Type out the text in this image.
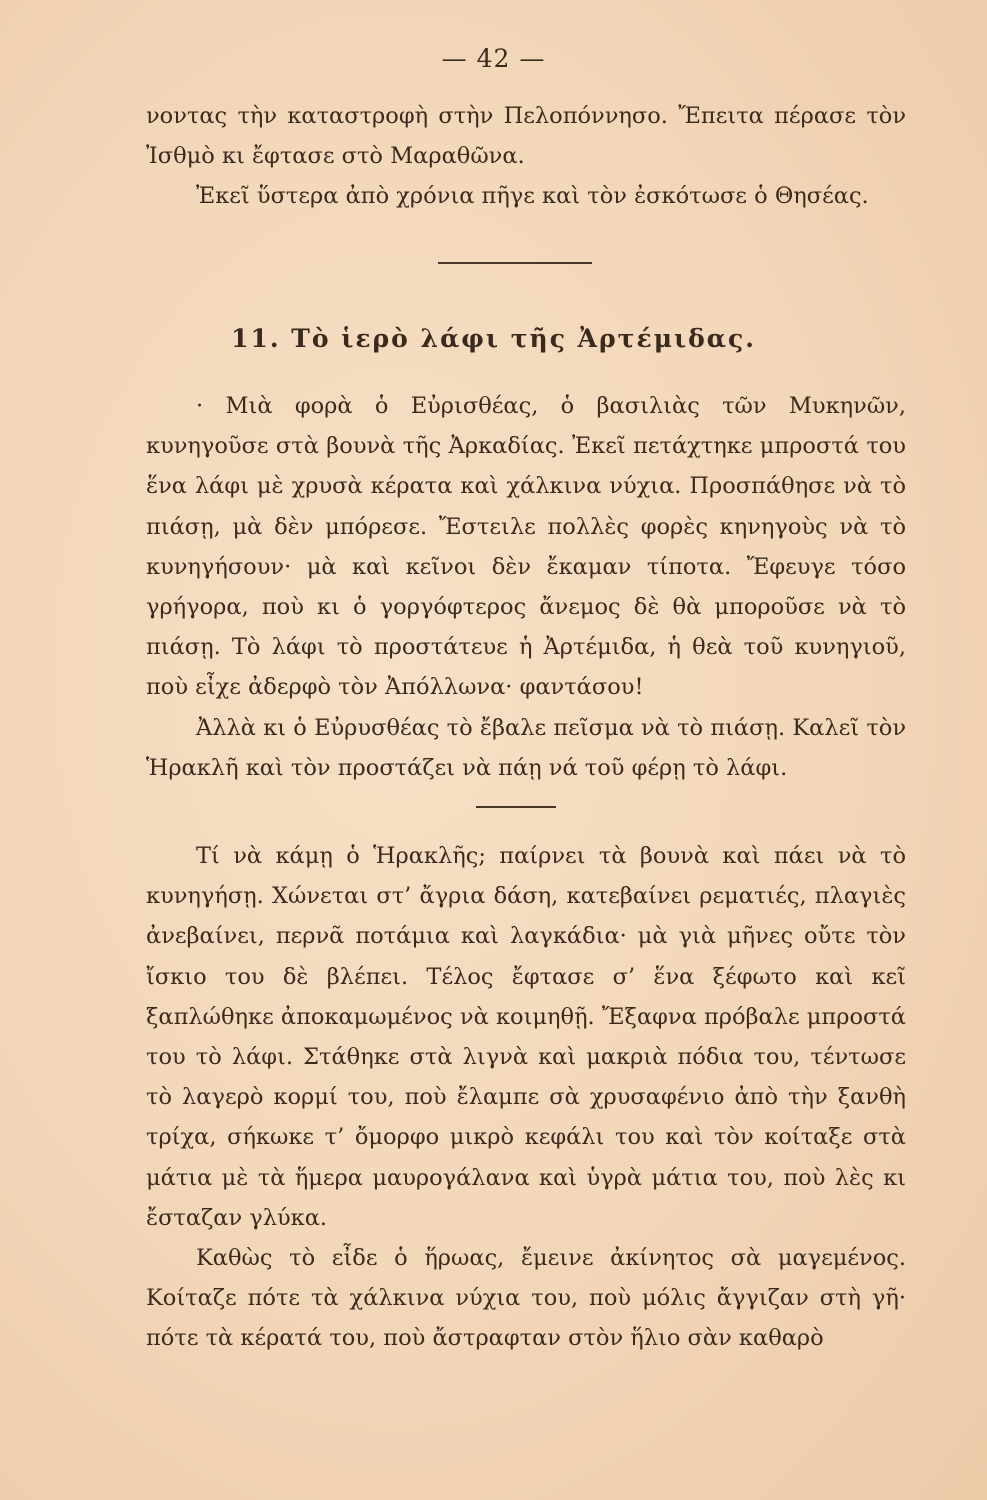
— 42 —

νοντας τὴν καταστροφὴ στὴν Πελοπόννησο. Ἔπειτα πέρασε τὸν Ἰσθμὸ κι ἔφτασε στὸ Μαραθῶνα.

Ἐκεῖ ὕστερα ἀπὸ χρόνια πῆγε καὶ τὸν ἐσκότωσε ὁ Θησέας.

11. Τὸ ἱερὸ λάφι τῆς Ἀρτέμιδας.

· Μιὰ φορὰ ὁ Εὐρισθέας, ὁ βασιλιὰς τῶν Μυκηνῶν, κυνηγοῦσε στὰ βουνὰ τῆς Ἀρκαδίας. Ἐκεῖ πετάχτηκε μπροστά του ἕνα λάφι μὲ χρυσὰ κέρατα καὶ χάλκινα νύχια. Προσπάθησε νὰ τὸ πιάσῃ, μὰ δὲν μπόρεσε. Ἔστειλε πολλὲς φορὲς κηνηγοὺς νὰ τὸ κυνηγήσουν· μὰ καὶ κεῖνοι δὲν ἔκαμαν τίποτα. Ἔφευγε τόσο γρήγορα, ποὺ κι ὁ γοργόφτερος ἄνεμος δὲ θὰ μποροῦσε νὰ τὸ πιάσῃ. Τὸ λάφι τὸ προστάτευε ἡ Ἀρτέμιδα, ἡ θεὰ τοῦ κυνηγιοῦ, ποὺ εἶχε ἀδερφὸ τὸν Ἀπόλλωνα· φαντάσου!

Ἀλλὰ κι ὁ Εὐρυσθέας τὸ ἔβαλε πεῖσμα νὰ τὸ πιάσῃ. Καλεῖ τὸν Ἡρακλῆ καὶ τὸν προστάζει νὰ πάῃ νά τοῦ φέρῃ τὸ λάφι.

Τί νὰ κάμῃ ὁ Ἡρακλῆς; παίρνει τὰ βουνὰ καὶ πάει νὰ τὸ κυνηγήσῃ. Χώνεται στ’ ἄγρια δάση, κατεβαίνει ρεματιές, πλαγιὲς ἀνεβαίνει, περνᾶ ποτάμια καὶ λαγκάδια· μὰ γιὰ μῆνες οὔτε τὸν ἴσκιο του δὲ βλέπει. Τέλος ἔφτασε σ’ ἕνα ξέφωτο καὶ κεῖ ξαπλώθηκε ἀποκαμωμένος νὰ κοιμηθῇ. Ἔξαφνα πρόβαλε μπροστά του τὸ λάφι. Στάθηκε στὰ λιγνὰ καὶ μακριὰ πόδια του, τέντωσε τὸ λαγερὸ κορμί του, ποὺ ἔλαμπε σὰ χρυσαφένιο ἀπὸ τὴν ξανθὴ τρίχα, σήκωκε τ’ ὄμορφο μικρὸ κεφάλι του καὶ τὸν κοίταξε στὰ μάτια μὲ τὰ ἥμερα μαυρογάλανα καὶ ὑγρὰ μάτια του, ποὺ λὲς κι ἔσταζαν γλύκα.

Καθὼς τὸ εἶδε ὁ ἥρωας, ἔμεινε ἀκίνητος σὰ μαγεμένος. Κοίταζε πότε τὰ χάλκινα νύχια του, ποὺ μόλις ἄγγιζαν στὴ γῆ· πότε τὰ κέρατά του, ποὺ ἄστραφταν στὸν ἥλιο σὰν καθαρὸ
